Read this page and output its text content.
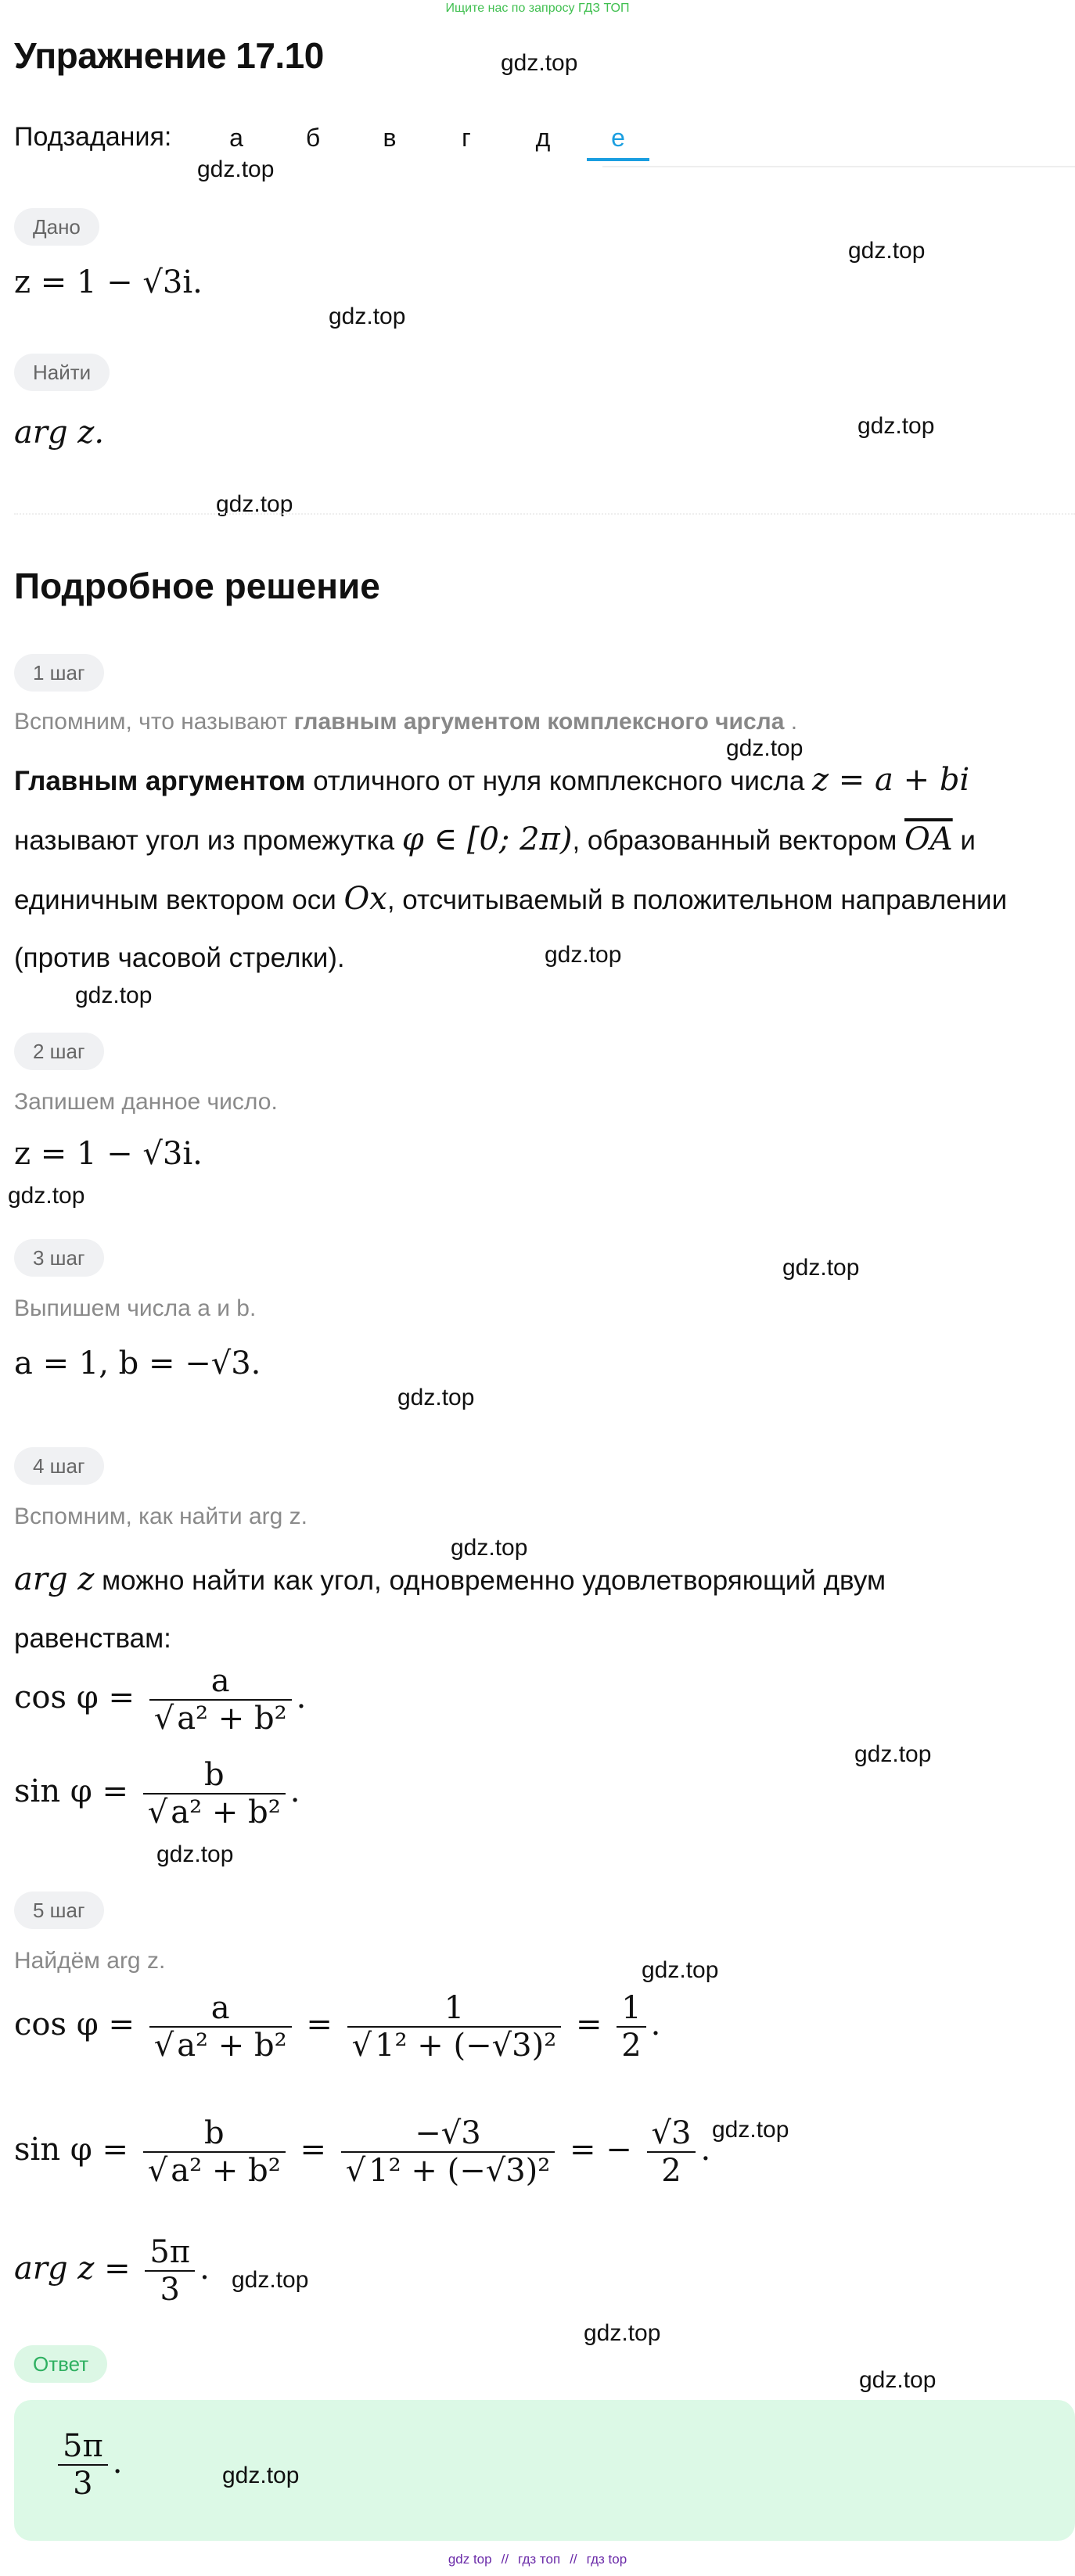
Ищите нас по запросу ГДЗ ТОП
Упражнение 17.10	gdz.top
Подзадания:	а	б	в	г	д	е
gdz.top
Дано
gdz.top
z = 1 − √3i.
gdz.top
Найти
arg z.	gdz.top
gdz.top
Подробное решение
1 шаг
Вспомним, что называют главным аргументом комплексного числа .
gdz.top
Главным аргументом отличного от нуля комплексного числа z = a + bi
называют угол из промежутка φ ∈ [0; 2π), образованный вектором $\overline{OA}$ и
единичным вектором оси Ox, отсчитываемый в положительном направлении
(против часовой стрелки).	gdz.top
gdz.top
2 шаг
Запишем данное число.
z = 1 − √3i.
gdz.top
3 шаг	gdz.top
Выпишем числа a и b.
a = 1, b = −√3.
gdz.top
4 шаг
Вспомним, как найти arg z.
gdz.top
arg z можно найти как угол, одновременно удовлетворяющий двум
равенствам:
$\cos \varphi = \frac{a}{\text{√ a² + b²}}$ .
gdz.top
$\sin \varphi = \frac{b}{\text{√ a² + b²}}$ .
gdz.top
5 шаг
Найдём arg z.	gdz.top
$\cos \varphi = \frac{a}{\text{√ a² + b²}} = \frac{1}{\text{√ 1² + (−√3)²}} = \frac{1}{2}$ .
gdz.top
$\sin \varphi = \frac{b}{\text{√ a² + b²}} = \frac{-√3}{\text{√ 1² + (−√3)²}}$ = − $\frac{√3}{2}$ .
arg $z = \frac{5\pi}{3}$ . gdz.top
gdz.top
Ответ
gdz.top
$\frac{5\pi}{3}$ .	gdz.top
gdz top // гдз топ // гдз top
